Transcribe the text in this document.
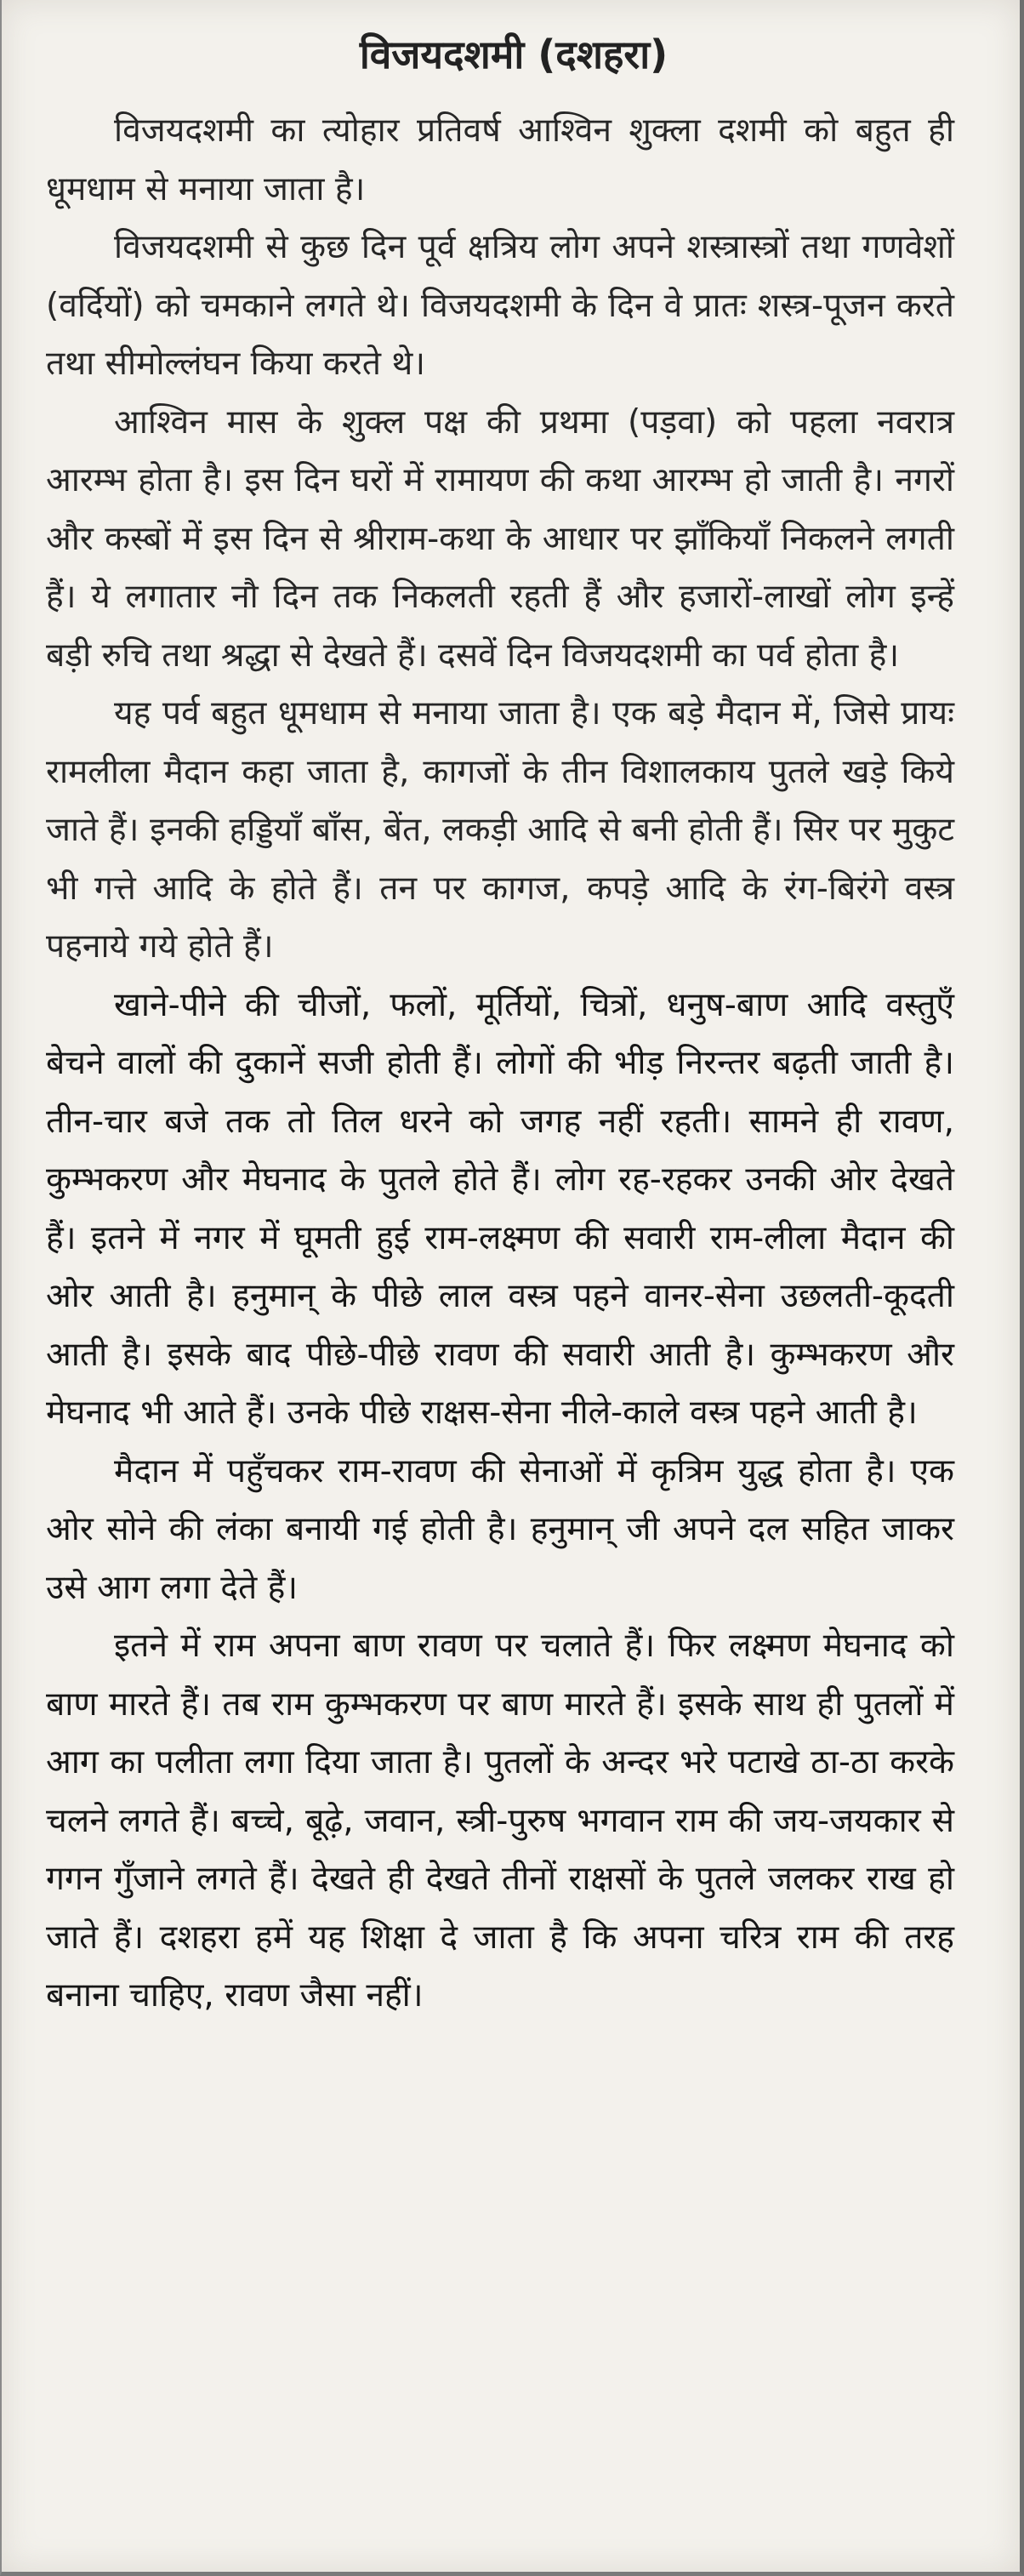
विजयदशमी (दशहरा)

विजयदशमी का त्योहार प्रतिवर्ष आश्विन शुक्ला दशमी को बहुत ही धूमधाम से मनाया जाता है।

विजयदशमी से कुछ दिन पूर्व क्षत्रिय लोग अपने शस्त्रास्त्रों तथा गणवेशों (वर्दियों) को चमकाने लगते थे। विजयदशमी के दिन वे प्रातः शस्त्र-पूजन करते तथा सीमोल्लंघन किया करते थे।

आश्विन मास के शुक्ल पक्ष की प्रथमा (पड़वा) को पहला नवरात्र आरम्भ होता है। इस दिन घरों में रामायण की कथा आरम्भ हो जाती है। नगरों और कस्बों में इस दिन से श्रीराम-कथा के आधार पर झाँकियाँ निकलने लगती हैं। ये लगातार नौ दिन तक निकलती रहती हैं और हजारों-लाखों लोग इन्हें बड़ी रुचि तथा श्रद्धा से देखते हैं। दसवें दिन विजयदशमी का पर्व होता है।

यह पर्व बहुत धूमधाम से मनाया जाता है। एक बड़े मैदान में, जिसे प्रायः रामलीला मैदान कहा जाता है, कागजों के तीन विशालकाय पुतले खड़े किये जाते हैं। इनकी हड्डियाँ बाँस, बेंत, लकड़ी आदि से बनी होती हैं। सिर पर मुकुट भी गत्ते आदि के होते हैं। तन पर कागज, कपड़े आदि के रंग-बिरंगे वस्त्र पहनाये गये होते हैं।

खाने-पीने की चीजों, फलों, मूर्तियों, चित्रों, धनुष-बाण आदि वस्तुएँ बेचने वालों की दुकानें सजी होती हैं। लोगों की भीड़ निरन्तर बढ़ती जाती है। तीन-चार बजे तक तो तिल धरने को जगह नहीं रहती। सामने ही रावण, कुम्भकरण और मेघनाद के पुतले होते हैं। लोग रह-रहकर उनकी ओर देखते हैं। इतने में नगर में घूमती हुई राम-लक्ष्मण की सवारी राम-लीला मैदान की ओर आती है। हनुमान् के पीछे लाल वस्त्र पहने वानर-सेना उछलती-कूदती आती है। इसके बाद पीछे-पीछे रावण की सवारी आती है। कुम्भकरण और मेघनाद भी आते हैं। उनके पीछे राक्षस-सेना नीले-काले वस्त्र पहने आती है।

मैदान में पहुँचकर राम-रावण की सेनाओं में कृत्रिम युद्ध होता है। एक ओर सोने की लंका बनायी गई होती है। हनुमान् जी अपने दल सहित जाकर उसे आग लगा देते हैं।

इतने में राम अपना बाण रावण पर चलाते हैं। फिर लक्ष्मण मेघनाद को बाण मारते हैं। तब राम कुम्भकरण पर बाण मारते हैं। इसके साथ ही पुतलों में आग का पलीता लगा दिया जाता है। पुतलों के अन्दर भरे पटाखे ठा-ठा करके चलने लगते हैं। बच्चे, बूढ़े, जवान, स्त्री-पुरुष भगवान राम की जय-जयकार से गगन गुँजाने लगते हैं। देखते ही देखते तीनों राक्षसों के पुतले जलकर राख हो जाते हैं। दशहरा हमें यह शिक्षा दे जाता है कि अपना चरित्र राम की तरह बनाना चाहिए, रावण जैसा नहीं।
